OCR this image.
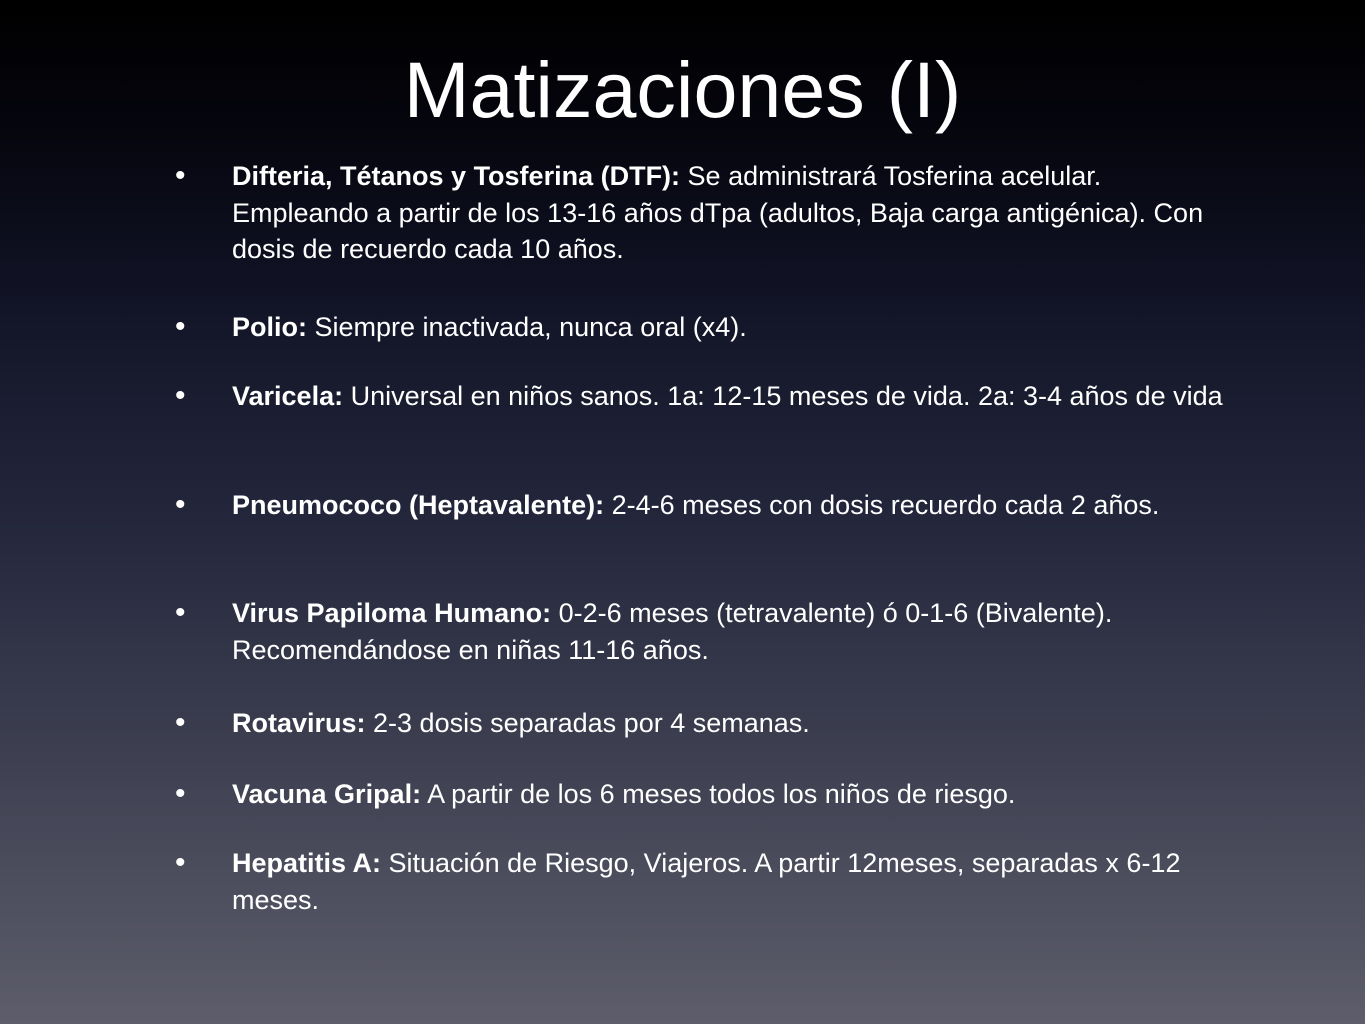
Matizaciones (I)
• Difteria, Tétanos y Tosferina (DTF): Se administrará Tosferina acelular. Empleando a partir de los 13-16 años dTpa (adultos, Baja carga antigénica). Con dosis de recuerdo cada 10 años.

• Polio: Siempre inactivada, nunca oral (x4).

• Varicela: Universal en niños sanos. 1a: 12-15 meses de vida. 2a: 3-4 años de vida

• Pneumococo (Heptavalente): 2-4-6 meses con dosis recuerdo cada 2 años.

• Virus Papiloma Humano: 0-2-6 meses (tetravalente) ó 0-1-6 (Bivalente). Recomendándose en niñas 11-16 años.

• Rotavirus: 2-3 dosis separadas por 4 semanas.

• Vacuna Gripal: A partir de los 6 meses todos los niños de riesgo.

• Hepatitis A: Situación de Riesgo, Viajeros. A partir 12meses, separadas x 6-12 meses.
